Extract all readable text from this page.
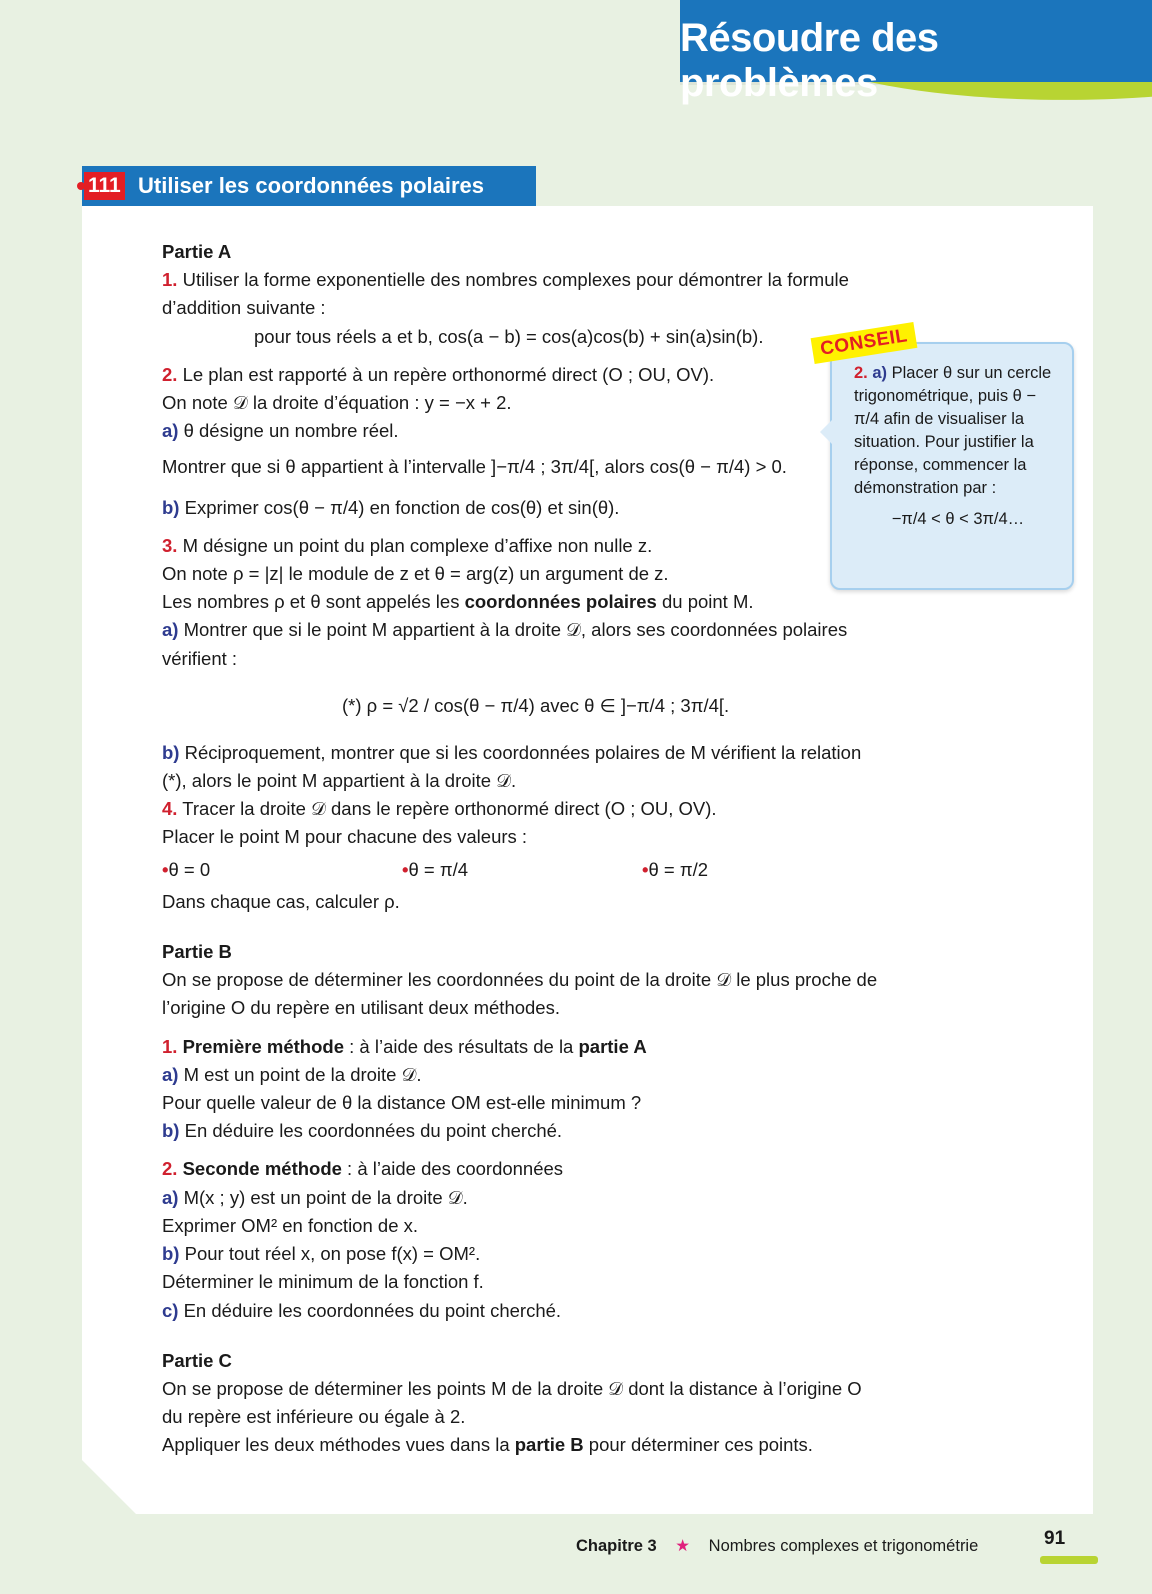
Résoudre des problèmes
111 Utiliser les coordonnées polaires

Partie A

1. Utiliser la forme exponentielle des nombres complexes pour démontrer la formule d’addition suivante :

pour tous réels a et b, cos(a − b) = cos(a)cos(b) + sin(a)sin(b).

2. Le plan est rapporté à un repère orthonormé direct (O ; OU, OV).

On note 𝒟 la droite d’équation : y = −x + 2.

a) θ désigne un nombre réel.

Montrer que si θ appartient à l’intervalle ]−π/4 ; 3π/4[, alors cos(θ − π/4) > 0.

b) Exprimer cos(θ − π/4) en fonction de cos(θ) et sin(θ).

3. M désigne un point du plan complexe d’affixe non nulle z.

On note ρ = |z| le module de z et θ = arg(z) un argument de z.

Les nombres ρ et θ sont appelés les coordonnées polaires du point M.

a) Montrer que si le point M appartient à la droite 𝒟, alors ses coordonnées polaires vérifient :

(*) ρ = √2 / cos(θ − π/4) avec θ ∈ ]−π/4 ; 3π/4[.

b) Réciproquement, montrer que si les coordonnées polaires de M vérifient la relation (*), alors le point M appartient à la droite 𝒟.

4. Tracer la droite 𝒟 dans le repère orthonormé direct (O ; OU, OV).

Placer le point M pour chacune des valeurs :

•θ = 0	•θ = π/4	•θ = π/2

Dans chaque cas, calculer ρ.

Partie B

On se propose de déterminer les coordonnées du point de la droite 𝒟 le plus proche de l’origine O du repère en utilisant deux méthodes.

1. Première méthode : à l’aide des résultats de la partie A

a) M est un point de la droite 𝒟.

Pour quelle valeur de θ la distance OM est-elle minimum ?

b) En déduire les coordonnées du point cherché.

2. Seconde méthode : à l’aide des coordonnées

a) M(x ; y) est un point de la droite 𝒟.

Exprimer OM² en fonction de x.

b) Pour tout réel x, on pose f(x) = OM².

Déterminer le minimum de la fonction f.

c) En déduire les coordonnées du point cherché.

Partie C

On se propose de déterminer les points M de la droite 𝒟 dont la distance à l’origine O du repère est inférieure ou égale à 2.

Appliquer les deux méthodes vues dans la partie B pour déterminer ces points.

CONSEIL
2. a) Placer θ sur un cercle trigonométrique, puis θ − π/4 afin de visualiser la situation. Pour justifier la réponse, commencer la démonstration par :
−π/4 < θ < 3π/4…
Chapitre 3 ★ Nombres complexes et trigonométrie	91
